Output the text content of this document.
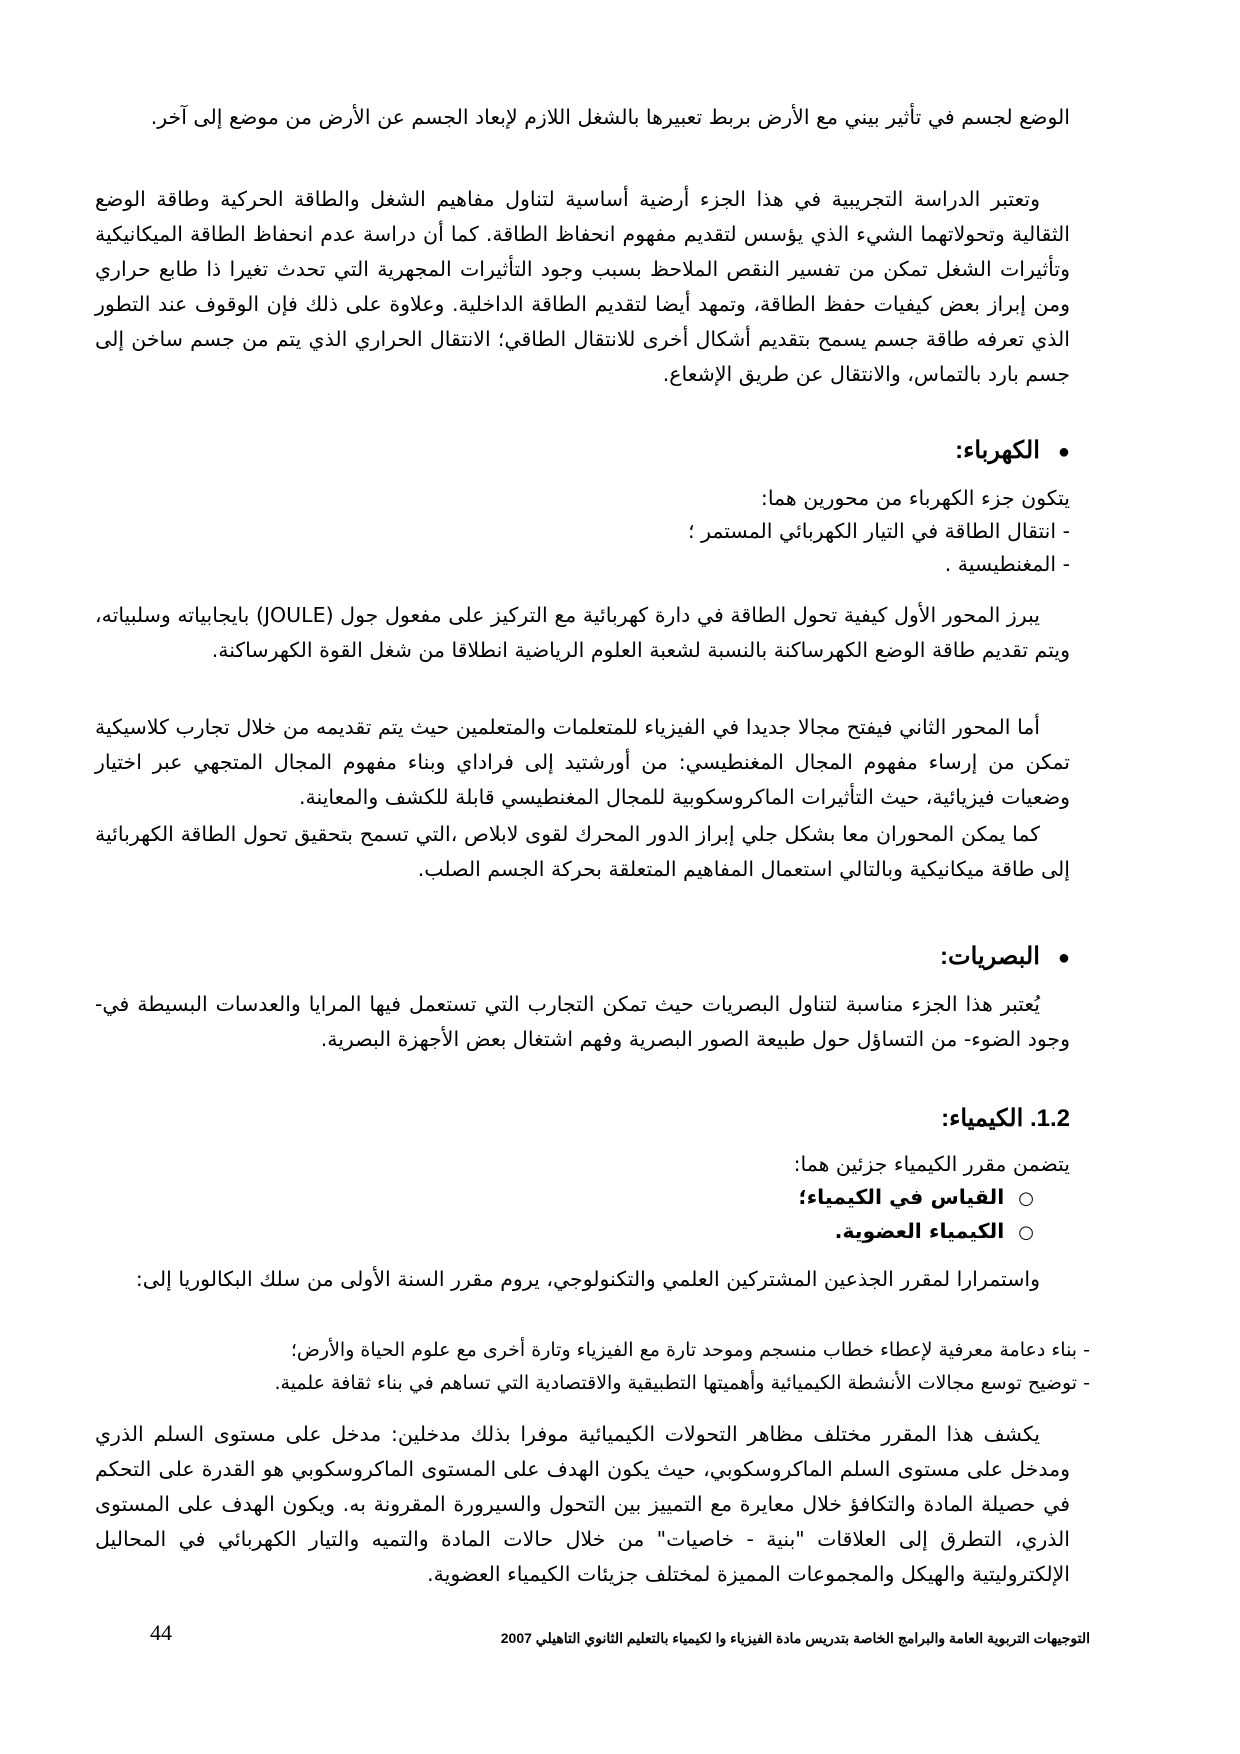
الوضع لجسم في تأثير بيني مع الأرض بربط تعبيرها بالشغل اللازم لإبعاد الجسم عن الأرض من موضع إلى آخر.

وتعتبر الدراسة التجريبية في هذا الجزء أرضية أساسية لتناول مفاهيم الشغل والطاقة الحركية وطاقة الوضع الثقالية وتحولاتهما الشيء الذي يؤسس لتقديم مفهوم انحفاظ الطاقة. كما أن دراسة عدم انحفاظ الطاقة الميكانيكية وتأثيرات الشغل تمكن من تفسير النقص الملاحظ بسبب وجود التأثيرات المجهرية التي تحدث تغيرا ذا طابع حراري ومن إبراز بعض كيفيات حفظ الطاقة، وتمهد أيضا لتقديم الطاقة الداخلية. وعلاوة على ذلك فإن الوقوف عند التطور الذي تعرفه طاقة جسم يسمح بتقديم أشكال أخرى للانتقال الطاقي؛ الانتقال الحراري الذي يتم من جسم ساخن إلى جسم بارد بالتماس، والانتقال عن طريق الإشعاع.

●الكهرباء:
يتكون جزء الكهرباء من محورين هما:
- انتقال الطاقة في التيار الكهربائي المستمر ؛
- المغنطيسية .

يبرز المحور الأول كيفية تحول الطاقة في دارة كهربائية مع التركيز على مفعول جول (JOULE) بايجابياته وسلبياته، ويتم تقديم طاقة الوضع الكهرساكنة بالنسبة لشعبة العلوم الرياضية انطلاقا من شغل القوة الكهرساكنة.

أما المحور الثاني فيفتح مجالا جديدا في الفيزياء للمتعلمات والمتعلمين حيث يتم تقديمه من خلال تجارب كلاسيكية تمكن من إرساء مفهوم المجال المغنطيسي: من أورشتيد إلى فراداي وبناء مفهوم المجال المتجهي عبر اختيار وضعيات فيزيائية، حيث التأثيرات الماكروسكوبية للمجال المغنطيسي قابلة للكشف والمعاينة.

كما يمكن المحوران معا بشكل جلي إبراز الدور المحرك لقوى لابلاص ،التي تسمح بتحقيق تحول الطاقة الكهربائية إلى طاقة ميكانيكية وبالتالي استعمال المفاهيم المتعلقة بحركة الجسم الصلب.

●البصريات:

يُعتبر هذا الجزء مناسبة لتناول البصريات حيث تمكن التجارب التي تستعمل فيها المرايا والعدسات البسيطة في- وجود الضوء- من التساؤل حول طبيعة الصور البصرية وفهم اشتغال بعض الأجهزة البصرية.

1.2. الكيمياء:
يتضمن مقرر الكيمياء جزئين هما:
○القياس في الكيمياء؛
○الكيمياء العضوية.

واستمرارا لمقرر الجذعين المشتركين العلمي والتكنولوجي، يروم مقرر السنة الأولى من سلك البكالوريا إلى:

- بناء دعامة معرفية لإعطاء خطاب منسجم وموحد تارة مع الفيزياء وتارة أخرى مع علوم الحياة والأرض؛
- توضيح توسع مجالات الأنشطة الكيميائية وأهميتها التطبيقية والاقتصادية التي تساهم في بناء ثقافة علمية.

يكشف هذا المقرر مختلف مظاهر التحولات الكيميائية موفرا بذلك مدخلين: مدخل على مستوى السلم الذري ومدخل على مستوى السلم الماكروسكوبي، حيث يكون الهدف على المستوى الماكروسكوبي هو القدرة على التحكم في حصيلة المادة والتكافؤ خلال معايرة مع التمييز بين التحول والسيرورة المقرونة به. ويكون الهدف على المستوى الذري، التطرق إلى العلاقات "بنية - خاصيات" من خلال حالات المادة والتميه والتيار الكهربائي في المحاليل الإلكتروليتية والهيكل والمجموعات المميزة لمختلف جزيئات الكيمياء العضوية.

التوجيهات التربوية العامة والبرامج الخاصة بتدريس مادة الفيزياء وا لكيمياء بالتعليم الثانوي التاهيلي 2007
44
